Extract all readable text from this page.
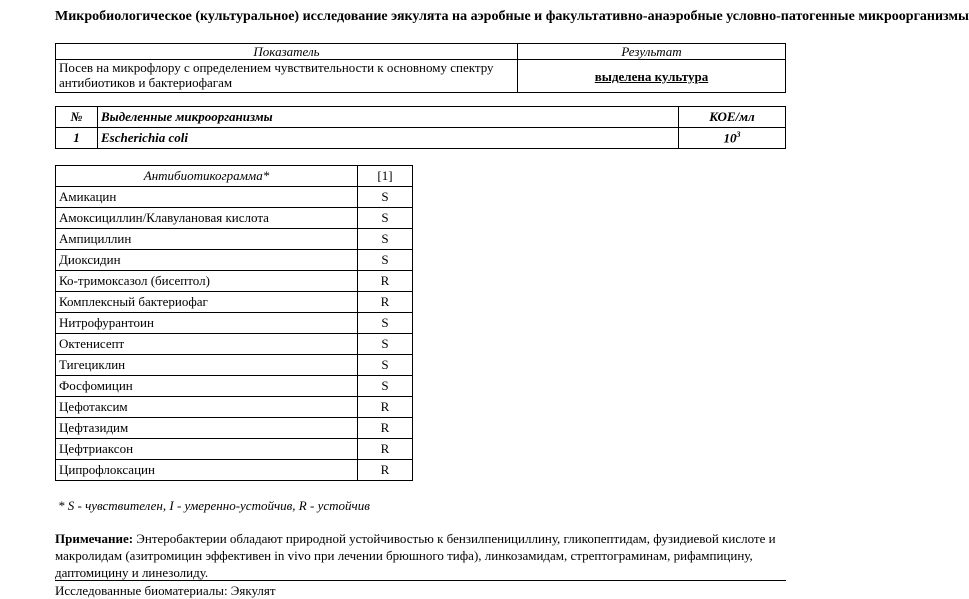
Микробиологическое (культуральное) исследование эякулята на аэробные и факультативно-анаэробные условно-патогенные микроорганизмы
Показатель	Результат
Посев на микрофлору с определением чувствительности к основному спектру антибиотиков и бактериофагам	выделена культура
№	Выделенные микроорганизмы	КОЕ/мл
1	Escherichia coli	$10^3$
Антибиотикограмма*	[1]
Амикацин	S
Амоксициллин/Клавулановая кислота	S
Ампициллин	S
Диоксидин	S
Ко-тримоксазол (бисептол)	R
Комплексный бактериофаг	R
Нитрофурантоин	S
Октенисепт	S
Тигециклин	S
Фосфомицин	S
Цефотаксим	R
Цефтазидим	R
Цефтриаксон	R
Ципрофлоксацин	R
* S - чувствителен, I - умеренно-устойчив, R - устойчив
Примечание: Энтеробактерии обладают природной устойчивостью к бензилпенициллину, гликопептидам, фузидиевой кислоте и макролидам (азитромицин эффективен in vivo при лечении брюшного тифа), линкозамидам, стрептограминам, рифампицину, даптомицину и линезолиду.
Исследованные биоматериалы: Эякулят
